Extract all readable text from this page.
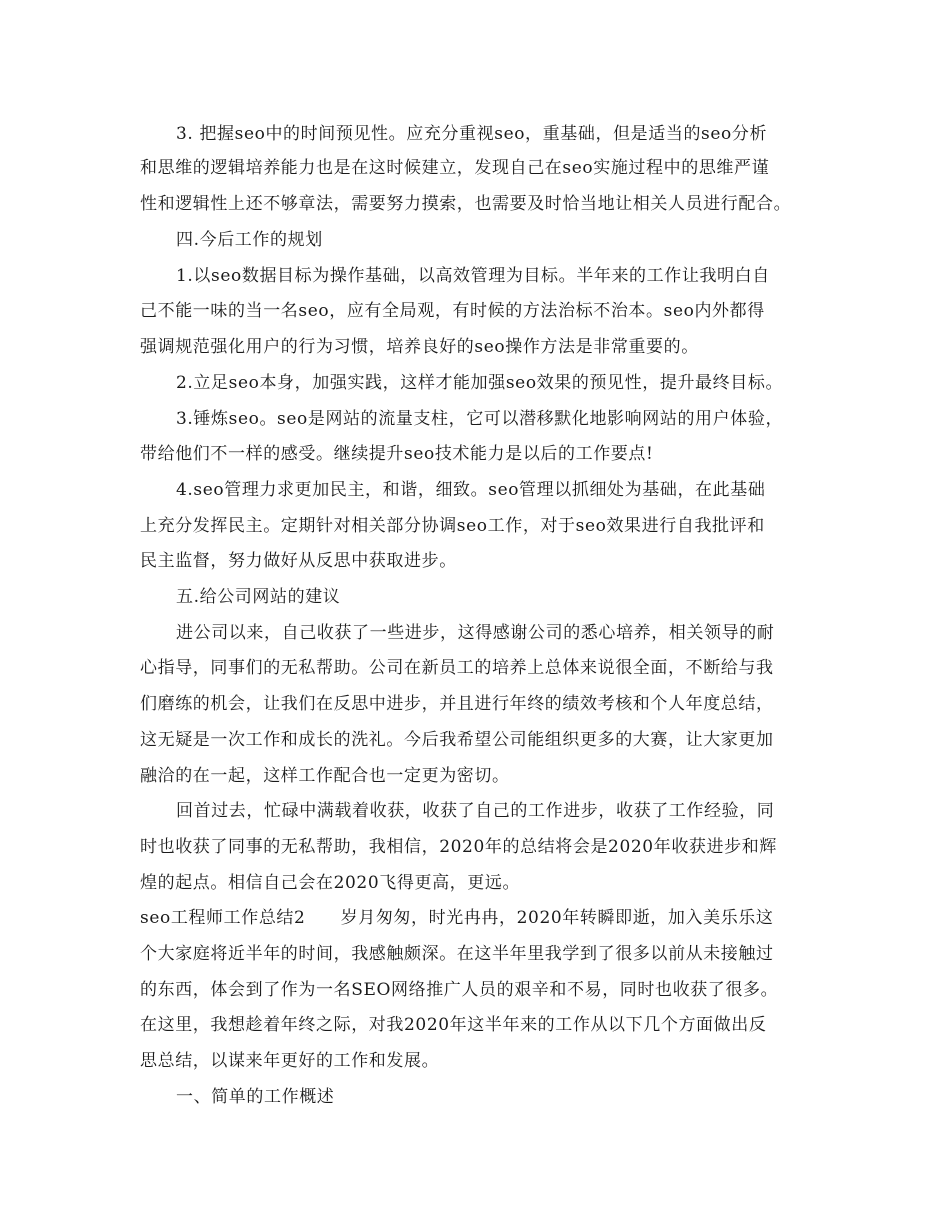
3. 把握seo中的时间预见性。应充分重视seo，重基础，但是适当的seo分析
和思维的逻辑培养能力也是在这时候建立，发现自己在seo实施过程中的思维严谨
性和逻辑性上还不够章法，需要努力摸索，也需要及时恰当地让相关人员进行配合。
四.今后工作的规划
1.以seo数据目标为操作基础，以高效管理为目标。半年来的工作让我明白自
己不能一味的当一名seo，应有全局观，有时候的方法治标不治本。seo内外都得
强调规范强化用户的行为习惯，培养良好的seo操作方法是非常重要的。
2.立足seo本身，加强实践，这样才能加强seo效果的预见性，提升最终目标。
3.锤炼seo。seo是网站的流量支柱，它可以潜移默化地影响网站的用户体验，
带给他们不一样的感受。继续提升seo技术能力是以后的工作要点!
4.seo管理力求更加民主，和谐，细致。seo管理以抓细处为基础，在此基础
上充分发挥民主。定期针对相关部分协调seo工作，对于seo效果进行自我批评和
民主监督，努力做好从反思中获取进步。
五.给公司网站的建议
进公司以来，自己收获了一些进步，这得感谢公司的悉心培养，相关领导的耐
心指导，同事们的无私帮助。公司在新员工的培养上总体来说很全面，不断给与我
们磨练的机会，让我们在反思中进步，并且进行年终的绩效考核和个人年度总结，
这无疑是一次工作和成长的洗礼。今后我希望公司能组织更多的大赛，让大家更加
融洽的在一起，这样工作配合也一定更为密切。
回首过去，忙碌中满载着收获，收获了自己的工作进步，收获了工作经验，同
时也收获了同事的无私帮助，我相信，2020年的总结将会是2020年收获进步和辉
煌的起点。相信自己会在2020飞得更高，更远。
seo工程师工作总结2　　岁月匆匆，时光冉冉，2020年转瞬即逝，加入美乐乐这
个大家庭将近半年的时间，我感触颇深。在这半年里我学到了很多以前从未接触过
的东西，体会到了作为一名SEO网络推广人员的艰辛和不易，同时也收获了很多。
在这里，我想趁着年终之际，对我2020年这半年来的工作从以下几个方面做出反
思总结，以谋来年更好的工作和发展。
一、简单的工作概述
